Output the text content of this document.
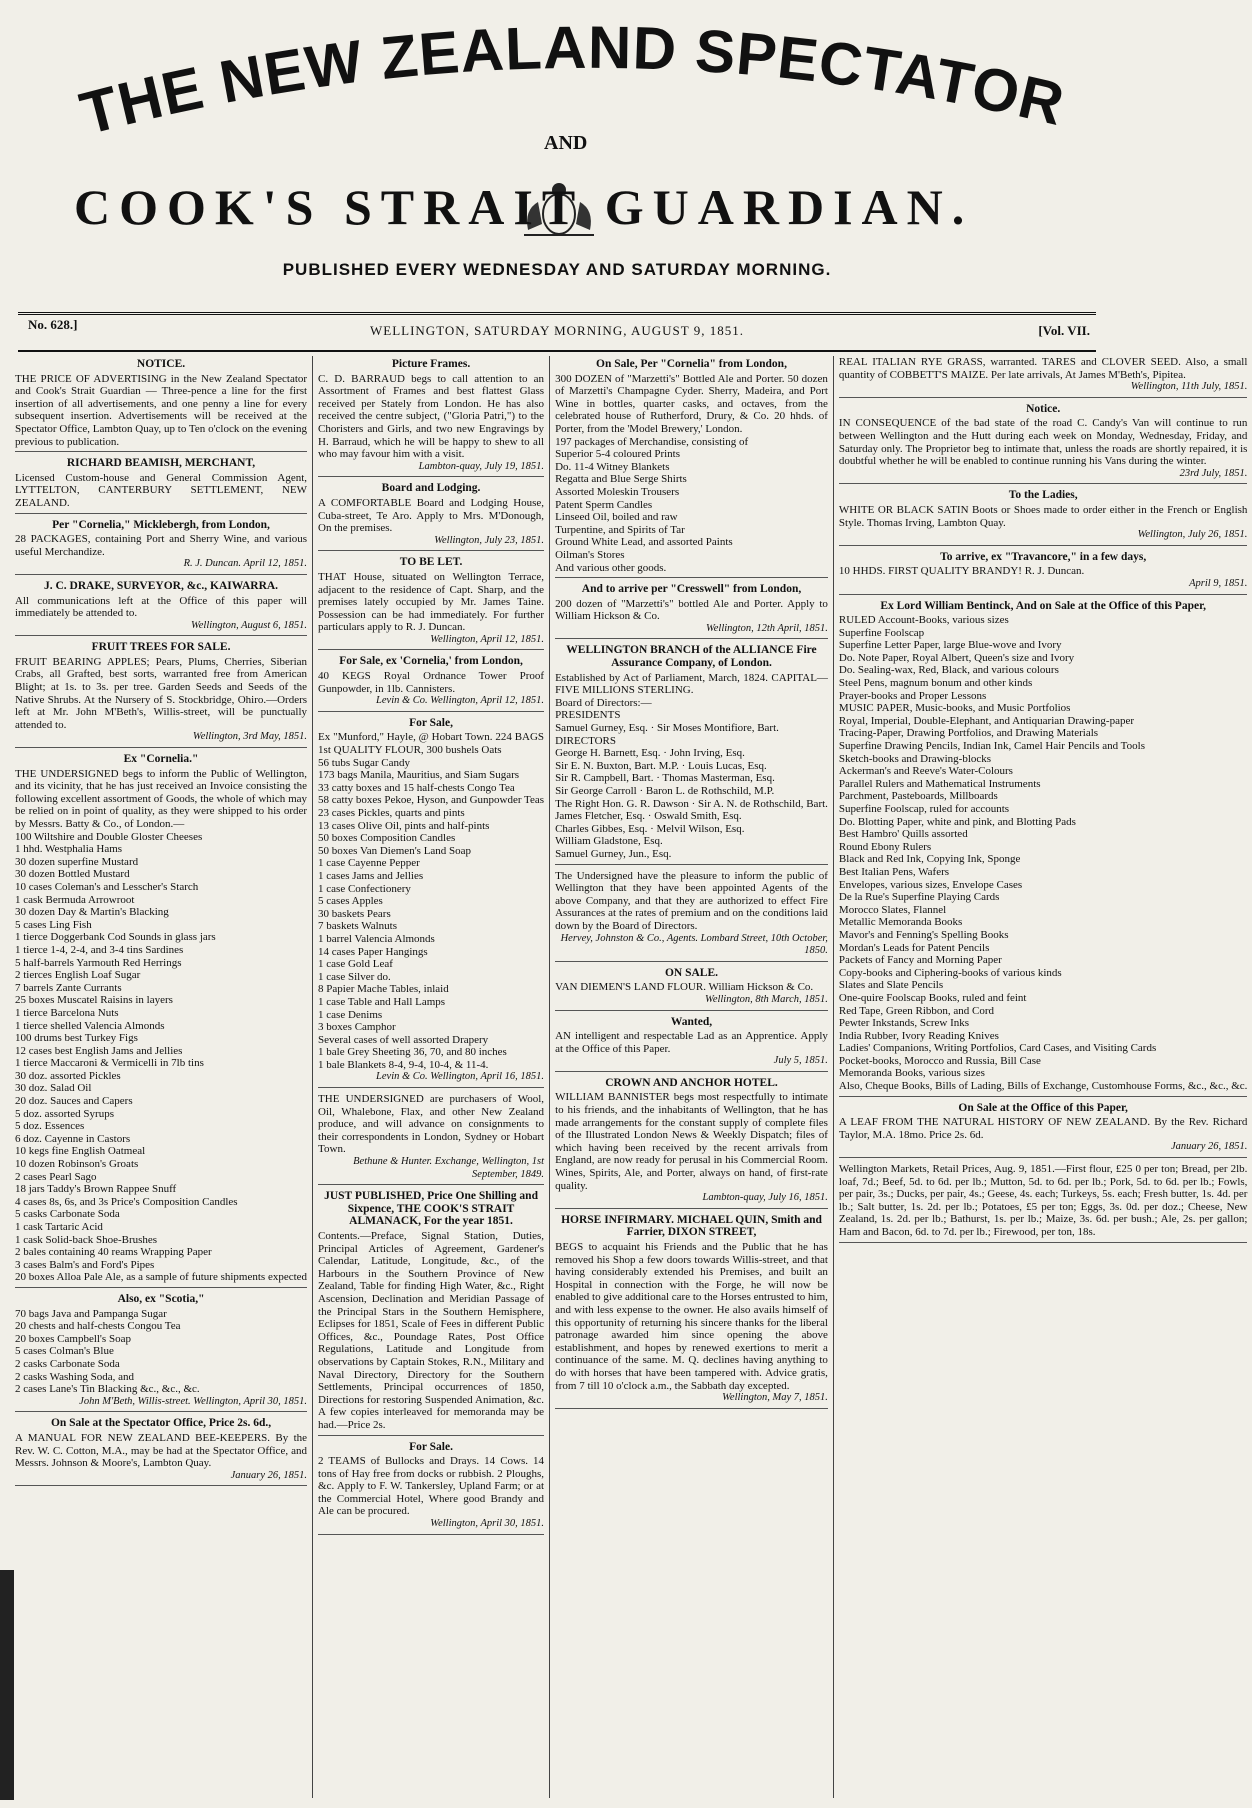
THE NEW ZEALAND SPECTATOR
AND
COOK'S STRAIT GUARDIAN.
PUBLISHED EVERY WEDNESDAY AND SATURDAY MORNING.
No. 628.]	WELLINGTON, SATURDAY MORNING, AUGUST 9, 1851.	[Vol. VII.
NOTICE.
THE PRICE OF ADVERTISING in the New Zealand Spectator and Cook's Strait Guardian — Three-pence a line for the first insertion of all advertisements, and one penny a line for every subsequent insertion. Advertisements will be received at the Spectator Office, Lambton Quay, up to Ten o'clock on the evening previous to publication.
RICHARD BEAMISH, MERCHANT,
Licensed Custom-house and General Commission Agent, LYTTELTON, CANTERBURY SETTLEMENT, NEW ZEALAND.
Per "Cornelia," Micklebergh, from London,
28 PACKAGES, containing Port and Sherry Wine, and various useful Merchandize.
R. J. Duncan. April 12, 1851.
J. C. DRAKE, SURVEYOR, &c., KAIWARRA.
All communications left at the Office of this paper will immediately be attended to.
Wellington, August 6, 1851.
FRUIT TREES FOR SALE.
FRUIT BEARING APPLES; Pears, Plums, Cherries, Siberian Crabs, all Grafted, best sorts, warranted free from American Blight; at 1s. to 3s. per tree. Garden Seeds and Seeds of the Native Shrubs. At the Nursery of S. Stockbridge, Ohiro.—Orders left at Mr. John M'Beth's, Willis-street, will be punctually attended to.
Wellington, 3rd May, 1851.
Ex "Cornelia."
THE UNDERSIGNED begs to inform the Public of Wellington, and its vicinity, that he has just received an Invoice consisting the following excellent assortment of Goods, the whole of which may be relied on in point of quality, as they were shipped to his order by Messrs. Batty & Co., of London.—
100 Wiltshire and Double Gloster Cheeses
1 hhd. Westphalia Hams
30 dozen superfine Mustard
30 dozen Bottled Mustard
10 cases Coleman's and Lesscher's Starch
1 cask Bermuda Arrowroot
30 dozen Day & Martin's Blacking
5 cases Ling Fish
1 tierce Doggerbank Cod Sounds in glass jars
1 tierce 1-4, 2-4, and 3-4 tins Sardines
5 half-barrels Yarmouth Red Herrings
2 tierces English Loaf Sugar
7 barrels Zante Currants
25 boxes Muscatel Raisins in layers
1 tierce Barcelona Nuts
1 tierce shelled Valencia Almonds
100 drums best Turkey Figs
12 cases best English Jams and Jellies
1 tierce Maccaroni & Vermicelli in 7lb tins
30 doz. assorted Pickles
30 doz. Salad Oil
20 doz. Sauces and Capers
5 doz. assorted Syrups
5 doz. Essences
6 doz. Cayenne in Castors
10 kegs fine English Oatmeal
10 dozen Robinson's Groats
2 cases Pearl Sago
18 jars Taddy's Brown Rappee Snuff
4 cases 8s, 6s, and 3s Price's Composition Candles
5 casks Carbonate Soda
1 cask Tartaric Acid
1 cask Solid-back Shoe-Brushes
2 bales containing 40 reams Wrapping Paper
3 cases Balm's and Ford's Pipes
20 boxes Alloa Pale Ale, as a sample of future shipments expected
Also, ex "Scotia,"
70 bags Java and Pampanga Sugar
20 chests and half-chests Congou Tea
20 boxes Campbell's Soap
5 cases Colman's Blue
2 casks Carbonate Soda
2 casks Washing Soda, and
2 cases Lane's Tin Blacking &c., &c., &c.
John M'Beth, Willis-street. Wellington, April 30, 1851.
On Sale at the Spectator Office, Price 2s. 6d.,
A MANUAL FOR NEW ZEALAND BEE-KEEPERS. By the Rev. W. C. Cotton, M.A., may be had at the Spectator Office, and Messrs. Johnson & Moore's, Lambton Quay.
January 26, 1851.
Picture Frames.
C. D. BARRAUD begs to call attention to an Assortment of Frames and best flattest Glass received per Stately from London. He has also received the centre subject, ("Gloria Patri,") to the Choristers and Girls, and two new Engravings by H. Barraud, which he will be happy to shew to all who may favour him with a visit.
Lambton-quay, July 19, 1851.
Board and Lodging.
A COMFORTABLE Board and Lodging House, Cuba-street, Te Aro. Apply to Mrs. M'Donough, On the premises.
Wellington, July 23, 1851.
TO BE LET.
THAT House, situated on Wellington Terrace, adjacent to the residence of Capt. Sharp, and the premises lately occupied by Mr. James Taine. Possession can be had immediately. For further particulars apply to R. J. Duncan.
Wellington, April 12, 1851.
For Sale, ex 'Cornelia,' from London,
40 KEGS Royal Ordnance Tower Proof Gunpowder, in 1lb. Cannisters.
Levin & Co. Wellington, April 12, 1851.
For Sale,
Ex "Munford," Hayle, @ Hobart Town. 224 BAGS 1st QUALITY FLOUR, 300 bushels Oats
56 tubs Sugar Candy
173 bags Manila, Mauritius, and Siam Sugars
33 catty boxes and 15 half-chests Congo Tea
58 catty boxes Pekoe, Hyson, and Gunpowder Teas
23 cases Pickles, quarts and pints
13 cases Olive Oil, pints and half-pints
50 boxes Composition Candles
50 boxes Van Diemen's Land Soap
1 case Cayenne Pepper
1 cases Jams and Jellies
1 case Confectionery
5 cases Apples
30 baskets Pears
7 baskets Walnuts
1 barrel Valencia Almonds
14 cases Paper Hangings
1 case Gold Leaf
1 case Silver do.
8 Papier Mache Tables, inlaid
1 case Table and Hall Lamps
1 case Denims
3 boxes Camphor
Several cases of well assorted Drapery
1 bale Grey Sheeting 36, 70, and 80 inches
1 bale Blankets 8-4, 9-4, 10-4, & 11-4.
Levin & Co. Wellington, April 16, 1851.
THE UNDERSIGNED are purchasers of Wool, Oil, Whalebone, Flax, and other New Zealand produce, and will advance on consignments to their correspondents in London, Sydney or Hobart Town.
Bethune & Hunter. Exchange, Wellington, 1st September, 1849.
JUST PUBLISHED, Price One Shilling and Sixpence, THE COOK'S STRAIT ALMANACK, For the year 1851.
Contents.—Preface, Signal Station, Duties, Principal Articles of Agreement, Gardener's Calendar, Latitude, Longitude, &c., of the Harbours in the Southern Province of New Zealand, Table for finding High Water, &c., Right Ascension, Declination and Meridian Passage of the Principal Stars in the Southern Hemisphere, Eclipses for 1851, Scale of Fees in different Public Offices, &c., Poundage Rates, Post Office Regulations, Latitude and Longitude from observations by Captain Stokes, R.N., Military and Naval Directory, Directory for the Southern Settlements, Principal occurrences of 1850, Directions for restoring Suspended Animation, &c. A few copies interleaved for memoranda may be had.—Price 2s.
For Sale.
2 TEAMS of Bullocks and Drays. 14 Cows. 14 tons of Hay free from docks or rubbish. 2 Ploughs, &c. Apply to F. W. Tankersley, Upland Farm; or at the Commercial Hotel, Where good Brandy and Ale can be procured.
Wellington, April 30, 1851.
On Sale, Per "Cornelia" from London,
300 DOZEN of "Marzetti's" Bottled Ale and Porter. 50 dozen of Marzetti's Champagne Cyder. Sherry, Madeira, and Port Wine in bottles, quarter casks, and octaves, from the celebrated house of Rutherford, Drury, & Co. 20 hhds. of Porter, from the 'Model Brewery,' London.
197 packages of Merchandise, consisting of
Superior 5-4 coloured Prints
Do. 11-4 Witney Blankets
Regatta and Blue Serge Shirts
Assorted Moleskin Trousers
Patent Sperm Candles
Linseed Oil, boiled and raw
Turpentine, and Spirits of Tar
Ground White Lead, and assorted Paints
Oilman's Stores
And various other goods.
And to arrive per "Cresswell" from London,
200 dozen of "Marzetti's" bottled Ale and Porter. Apply to William Hickson & Co.
Wellington, 12th April, 1851.
WELLINGTON BRANCH of the ALLIANCE Fire Assurance Company, of London.
Established by Act of Parliament, March, 1824. CAPITAL—FIVE MILLIONS STERLING.
Board of Directors:—
PRESIDENTS
Samuel Gurney, Esq. · Sir Moses Montifiore, Bart.
DIRECTORS
George H. Barnett, Esq. · John Irving, Esq.
Sir E. N. Buxton, Bart. M.P. · Louis Lucas, Esq.
Sir R. Campbell, Bart. · Thomas Masterman, Esq.
Sir George Carroll · Baron L. de Rothschild, M.P.
The Right Hon. G. R. Dawson · Sir A. N. de Rothschild, Bart.
James Fletcher, Esq. · Oswald Smith, Esq.
Charles Gibbes, Esq. · Melvil Wilson, Esq.
William Gladstone, Esq.
Samuel Gurney, Jun., Esq.
The Undersigned have the pleasure to inform the public of Wellington that they have been appointed Agents of the above Company, and that they are authorized to effect Fire Assurances at the rates of premium and on the conditions laid down by the Board of Directors.
Hervey, Johnston & Co., Agents. Lombard Street, 10th October, 1850.
ON SALE.
VAN DIEMEN'S LAND FLOUR. William Hickson & Co.
Wellington, 8th March, 1851.
Wanted,
AN intelligent and respectable Lad as an Apprentice. Apply at the Office of this Paper.
July 5, 1851.
CROWN AND ANCHOR HOTEL.
WILLIAM BANNISTER begs most respectfully to intimate to his friends, and the inhabitants of Wellington, that he has made arrangements for the constant supply of complete files of the Illustrated London News & Weekly Dispatch; files of which having been received by the recent arrivals from England, are now ready for perusal in his Commercial Room. Wines, Spirits, Ale, and Porter, always on hand, of first-rate quality.
Lambton-quay, July 16, 1851.
HORSE INFIRMARY. MICHAEL QUIN, Smith and Farrier, DIXON STREET,
BEGS to acquaint his Friends and the Public that he has removed his Shop a few doors towards Willis-street, and that having considerably extended his Premises, and built an Hospital in connection with the Forge, he will now be enabled to give additional care to the Horses entrusted to him, and with less expense to the owner. He also avails himself of this opportunity of returning his sincere thanks for the liberal patronage awarded him since opening the above establishment, and hopes by renewed exertions to merit a continuance of the same. M. Q. declines having anything to do with horses that have been tampered with. Advice gratis, from 7 till 10 o'clock a.m., the Sabbath day excepted.
Wellington, May 7, 1851.
REAL ITALIAN RYE GRASS, warranted. TARES and CLOVER SEED. Also, a small quantity of COBBETT'S MAIZE. Per late arrivals, At James M'Beth's, Pipitea.
Wellington, 11th July, 1851.
Notice.
IN CONSEQUENCE of the bad state of the road C. Candy's Van will continue to run between Wellington and the Hutt during each week on Monday, Wednesday, Friday, and Saturday only. The Proprietor beg to intimate that, unless the roads are shortly repaired, it is doubtful whether he will be enabled to continue running his Vans during the winter.
23rd July, 1851.
To the Ladies,
WHITE OR BLACK SATIN Boots or Shoes made to order either in the French or English Style. Thomas Irving, Lambton Quay.
Wellington, July 26, 1851.
To arrive, ex "Travancore," in a few days,
10 HHDS. FIRST QUALITY BRANDY! R. J. Duncan.
April 9, 1851.
Ex Lord William Bentinck, And on Sale at the Office of this Paper,
RULED Account-Books, various sizes
Superfine Foolscap
Superfine Letter Paper, large Blue-wove and Ivory
Do. Note Paper, Royal Albert, Queen's size and Ivory
Do. Sealing-wax, Red, Black, and various colours
Steel Pens, magnum bonum and other kinds
Prayer-books and Proper Lessons
MUSIC PAPER, Music-books, and Music Portfolios
Royal, Imperial, Double-Elephant, and Antiquarian Drawing-paper
Tracing-Paper, Drawing Portfolios, and Drawing Materials
Superfine Drawing Pencils, Indian Ink, Camel Hair Pencils and Tools
Sketch-books and Drawing-blocks
Ackerman's and Reeve's Water-Colours
Parallel Rulers and Mathematical Instruments
Parchment, Pasteboards, Millboards
Superfine Foolscap, ruled for accounts
Do. Blotting Paper, white and pink, and Blotting Pads
Best Hambro' Quills assorted
Round Ebony Rulers
Black and Red Ink, Copying Ink, Sponge
Best Italian Pens, Wafers
Envelopes, various sizes, Envelope Cases
De la Rue's Superfine Playing Cards
Morocco Slates, Flannel
Metallic Memoranda Books
Mavor's and Fenning's Spelling Books
Mordan's Leads for Patent Pencils
Packets of Fancy and Morning Paper
Copy-books and Ciphering-books of various kinds
Slates and Slate Pencils
One-quire Foolscap Books, ruled and feint
Red Tape, Green Ribbon, and Cord
Pewter Inkstands, Screw Inks
India Rubber, Ivory Reading Knives
Ladies' Companions, Writing Portfolios, Card Cases, and Visiting Cards
Pocket-books, Morocco and Russia, Bill Case
Memoranda Books, various sizes
Also, Cheque Books, Bills of Lading, Bills of Exchange, Customhouse Forms, &c., &c., &c.
On Sale at the Office of this Paper,
A LEAF FROM THE NATURAL HISTORY OF NEW ZEALAND. By the Rev. Richard Taylor, M.A. 18mo. Price 2s. 6d.
January 26, 1851.
Wellington Markets, Retail Prices, Aug. 9, 1851.—First flour, £25 0 per ton; Bread, per 2lb. loaf, 7d.; Beef, 5d. to 6d. per lb.; Mutton, 5d. to 6d. per lb.; Pork, 5d. to 6d. per lb.; Fowls, per pair, 3s.; Ducks, per pair, 4s.; Geese, 4s. each; Turkeys, 5s. each; Fresh butter, 1s. 4d. per lb.; Salt butter, 1s. 2d. per lb.; Potatoes, £5 per ton; Eggs, 3s. 0d. per doz.; Cheese, New Zealand, 1s. 2d. per lb.; Bathurst, 1s. per lb.; Maize, 3s. 6d. per bush.; Ale, 2s. per gallon; Ham and Bacon, 6d. to 7d. per lb.; Firewood, per ton, 18s.
